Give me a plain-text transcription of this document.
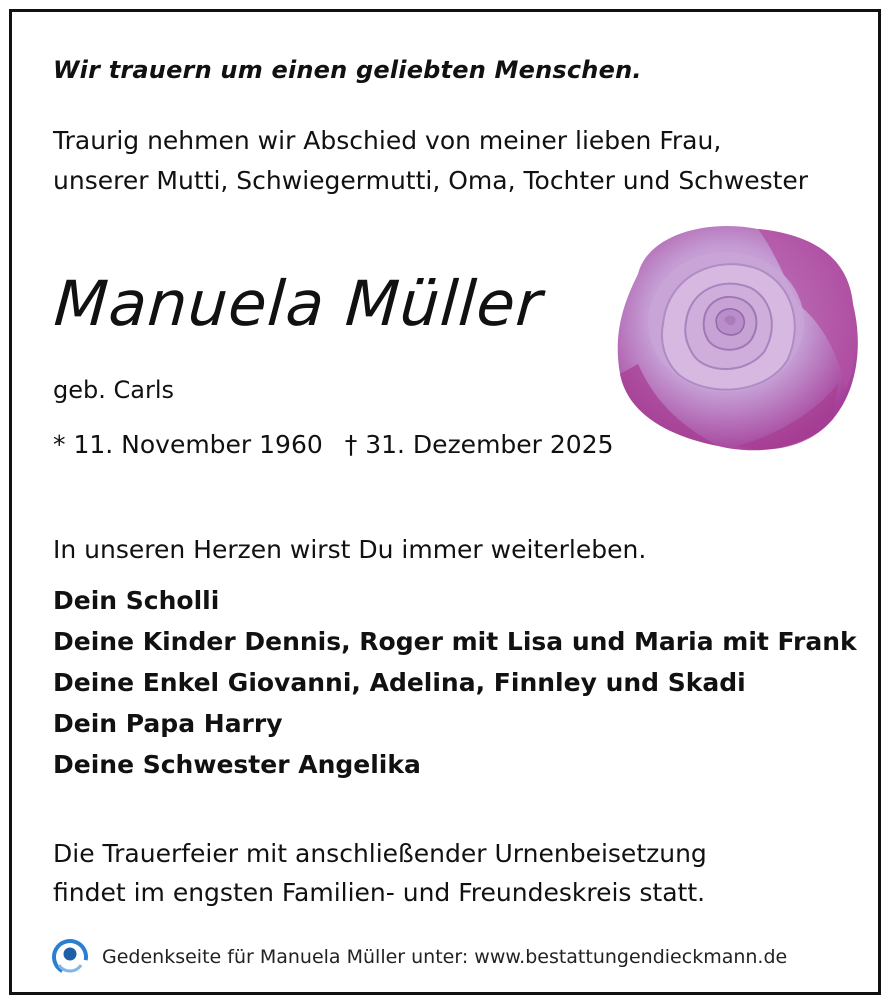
Wir trauern um einen geliebten Menschen.
Traurig nehmen wir Abschied von meiner lieben Frau,
unserer Mutti, Schwiegermutti, Oma, Tochter und Schwester
Manuela Müller
geb. Carls
* 11. November 1960 † 31. Dezember 2025
In unseren Herzen wirst Du immer weiterleben.
Dein Scholli
Deine Kinder Dennis, Roger mit Lisa und Maria mit Frank
Deine Enkel Giovanni, Adelina, Finnley und Skadi
Dein Papa Harry
Deine Schwester Angelika
Die Trauerfeier mit anschließender Urnenbeisetzung
findet im engsten Familien- und Freundeskreis statt.
Gedenkseite für Manuela Müller unter: www.bestattungendieckmann.de
